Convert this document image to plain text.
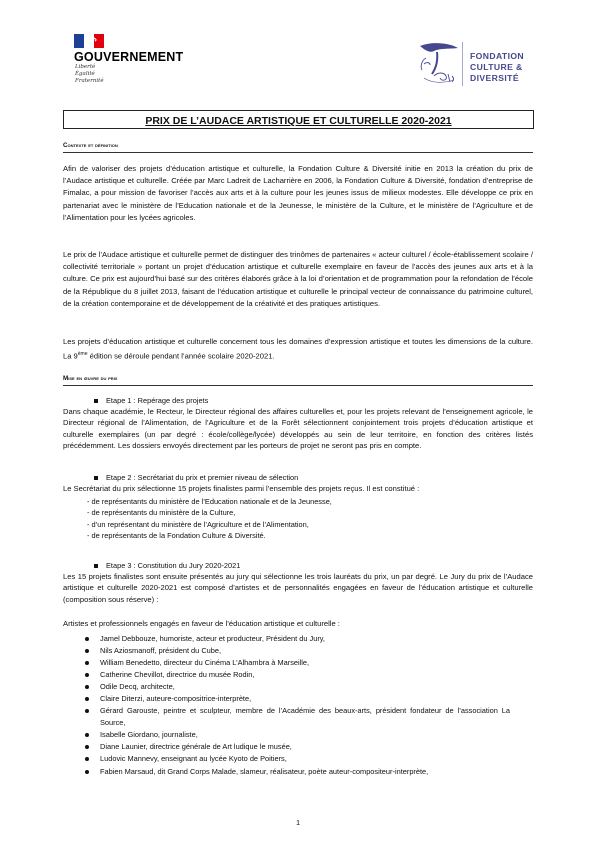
GOUVERNEMENT
Liberté
Égalité
Fraternité
FONDATION
CULTURE &
DIVERSITÉ
PRIX DE L’AUDACE ARTISTIQUE ET CULTURELLE 2020-2021
Contexte et définition
Afin de valoriser des projets d’éducation artistique et culturelle, la Fondation Culture & Diversité initie en 2013 la création du prix de l’Audace artistique et culturelle. Créée par Marc Ladreit de Lacharrière en 2006, la Fondation Culture & Diversité, fondation d’entreprise de Fimalac, a pour mission de favoriser l’accès aux arts et à la culture pour les jeunes issus de milieux modestes. Elle développe ce prix en partenariat avec le ministère de l’Education nationale et de la Jeunesse, le ministère de la Culture, et le ministère de l’Agriculture et de l’Alimentation pour les lycées agricoles.
Le prix de l’Audace artistique et culturelle permet de distinguer des trinômes de partenaires « acteur culturel / école-établissement scolaire / collectivité territoriale » portant un projet d’éducation artistique et culturelle exemplaire en faveur de l’accès des jeunes aux arts et à la culture. Ce prix est aujourd’hui basé sur des critères élaborés grâce à la loi d’orientation et de programmation pour la refondation de l’école de la République du 8 juillet 2013, faisant de l’éducation artistique et culturelle le principal vecteur de connaissance du patrimoine culturel, de la création contemporaine et de développement de la créativité et des pratiques artistiques.
Les projets d’éducation artistique et culturelle concernent tous les domaines d’expression artistique et toutes les dimensions de la culture. La 9ème édition se déroule pendant l’année scolaire 2020-2021.
Mise en œuvre du prix
Etape 1 : Repérage des projets
Dans chaque académie, le Recteur, le Directeur régional des affaires culturelles et, pour les projets relevant de l’enseignement agricole, le Directeur régional de l’Alimentation, de l’Agriculture et de la Forêt sélectionnent conjointement trois projets d’éducation artistique et culturelle exemplaires (un par degré : école/collège/lycée) développés au sein de leur territoire, en fonction des critères listés précédemment. Les dossiers envoyés directement par les porteurs de projet ne seront pas pris en compte.
Etape 2 : Secrétariat du prix et premier niveau de sélection
Le Secrétariat du prix sélectionne 15 projets finalistes parmi l’ensemble des projets reçus. Il est constitué :
- de représentants du ministère de l’Education nationale et de la Jeunesse,
- de représentants du ministère de la Culture,
- d’un représentant du ministère de l’Agriculture et de l’Alimentation,
- de représentants de la Fondation Culture & Diversité.
Etape 3 : Constitution du Jury 2020-2021
Les 15 projets finalistes sont ensuite présentés au jury qui sélectionne les trois lauréats du prix, un par degré. Le Jury du prix de l’Audace artistique et culturelle 2020-2021 est composé d’artistes et de personnalités engagées en faveur de l’éducation artistique et culturelle (composition sous réserve) :
Artistes et professionnels engagés en faveur de l’éducation artistique et culturelle :
Jamel Debbouze, humoriste, acteur et producteur, Président du Jury,
Nils Aziosmanoff, président du Cube,
William Benedetto, directeur du Cinéma L’Alhambra à Marseille,
Catherine Chevillot, directrice du musée Rodin,
Odile Decq, architecte,
Claire Diterzi, auteure-compositrice-interprète,
Gérard Garouste, peintre et sculpteur, membre de l’Académie des beaux-arts, président fondateur de l’association La Source,
Isabelle Giordano, journaliste,
Diane Launier, directrice générale de Art ludique le musée,
Ludovic Mannevy, enseignant au lycée Kyoto de Poitiers,
Fabien Marsaud, dit Grand Corps Malade, slameur, réalisateur, poète auteur-compositeur-interprète,
1
